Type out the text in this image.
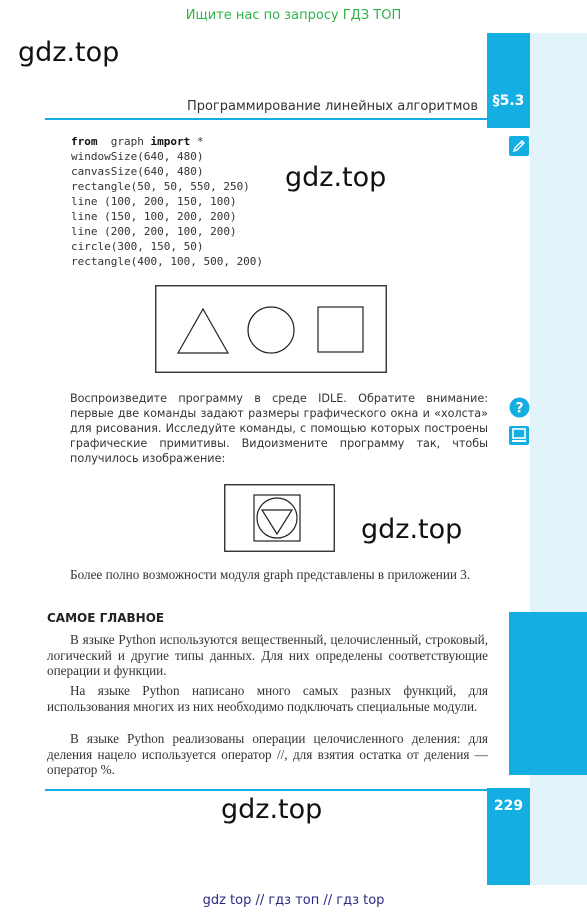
Ищите нас по запросу ГДЗ ТОП
gdz.top
gdz.top
gdz.top
gdz.top
Программирование линейных алгоритмов	§5.3
?
from  graph import *
windowSize(640, 480)
canvasSize(640, 480)
rectangle(50, 50, 550, 250)
line (100, 200, 150, 100)
line (150, 100, 200, 200)
line (200, 200, 100, 200)
circle(300, 150, 50)
rectangle(400, 100, 500, 200)
Воспроизведите программу в среде IDLE. Обратите внимание: первые две команды задают размеры графического окна и «холста» для рисования. Исследуйте команды, с помощью которых построены графические примитивы. Видоизмените программу так, чтобы получилось изображение:
Более полно возможности модуля graph представлены в приложении 3.
САМОЕ ГЛАВНОЕ
В языке Python используются вещественный, целочисленный, строковый, логический и другие типы данных. Для них определены соответствующие операции и функции.
На языке Python написано много самых разных функций, для использования многих из них необходимо подключать специальные модули.
В языке Python реализованы операции целочисленного деления: для деления нацело используется оператор //, для взятия остатка от деления — оператор %.
229
gdz top // гдз топ // гдз top
